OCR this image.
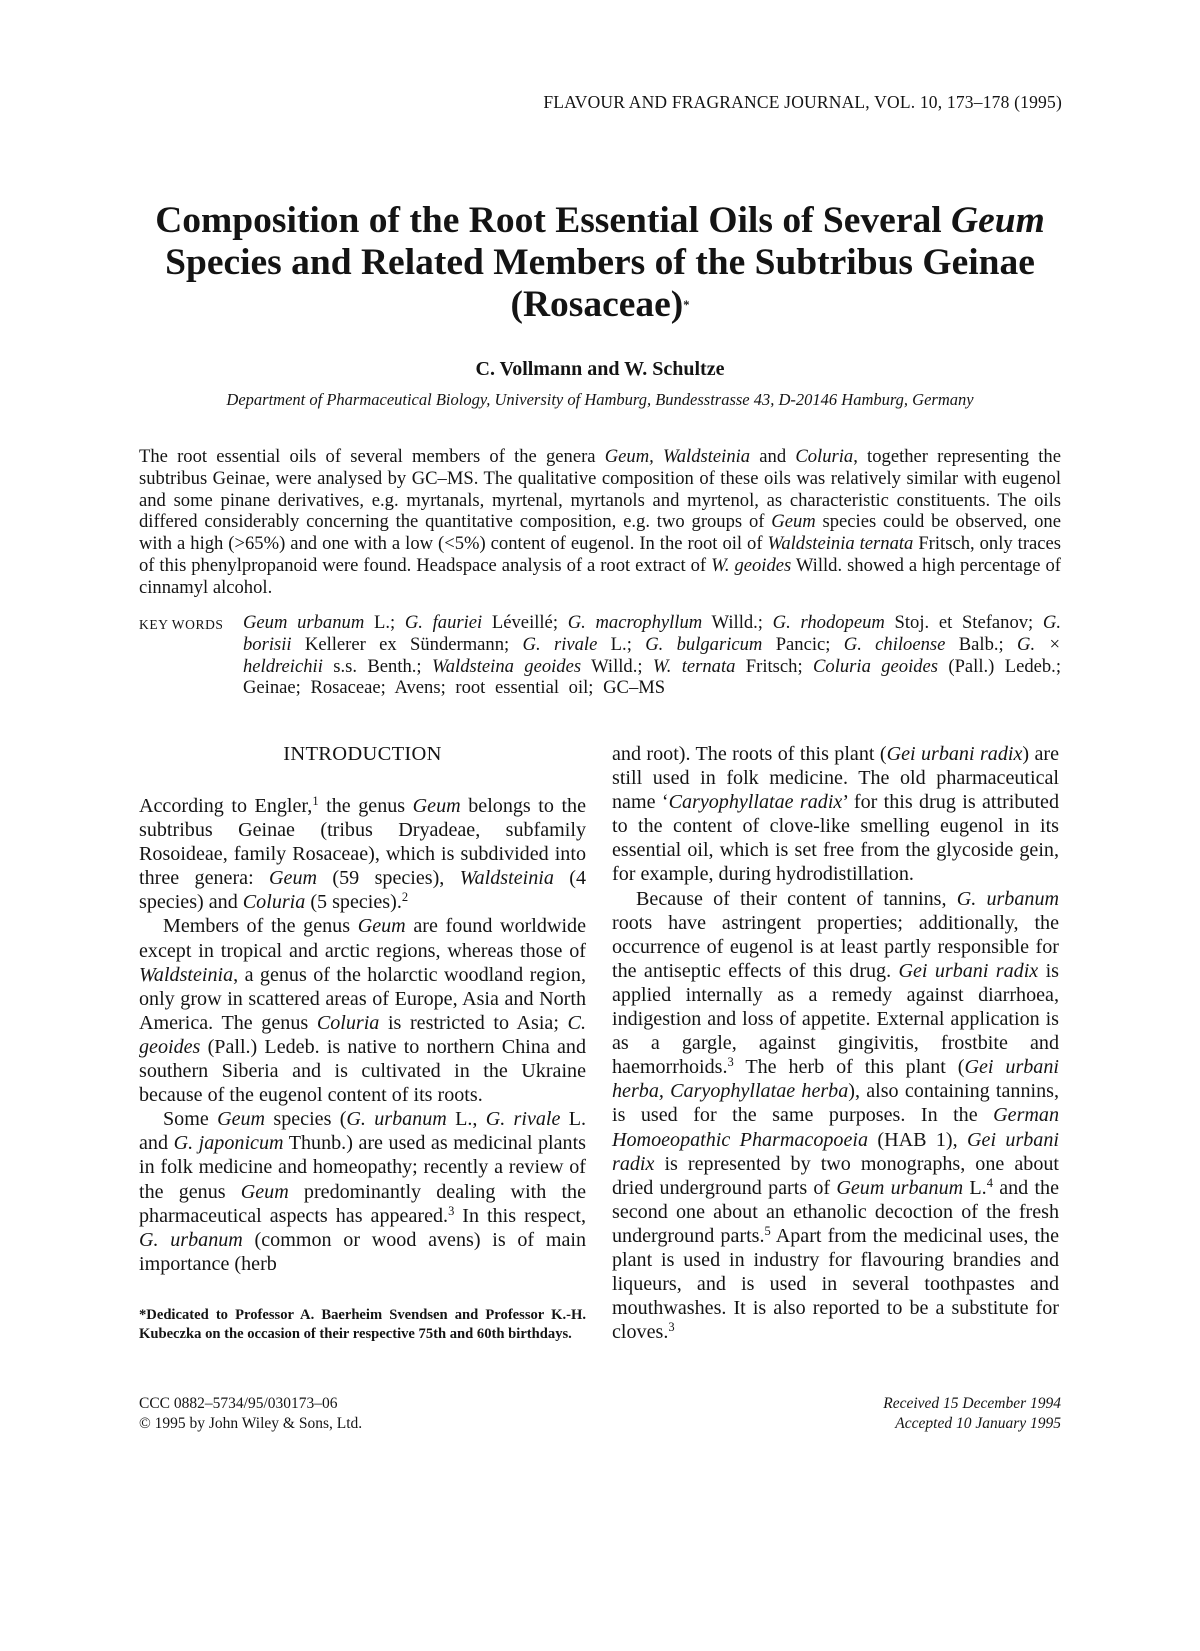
FLAVOUR AND FRAGRANCE JOURNAL, VOL. 10, 173–178 (1995)
Composition of the Root Essential Oils of Several Geum
Species and Related Members of the Subtribus Geinae
(Rosaceae)*
C. Vollmann and W. Schultze
Department of Pharmaceutical Biology, University of Hamburg, Bundesstrasse 43, D-20146 Hamburg, Germany
The root essential oils of several members of the genera Geum, Waldsteinia and Coluria, together representing the subtribus Geinae, were analysed by GC–MS. The qualitative composition of these oils was relatively similar with eugenol and some pinane derivatives, e.g. myrtanals, myrtenal, myrtanols and myrtenol, as characteristic constituents. The oils differed considerably concerning the quantitative composition, e.g. two groups of Geum species could be observed, one with a high (>65%) and one with a low (<5%) content of eugenol. In the root oil of Waldsteinia ternata Fritsch, only traces of this phenylpropanoid were found. Headspace analysis of a root extract of W. geoides Willd. showed a high percentage of cinnamyl alcohol.
KEY WORDS Geum urbanum L.; G. fauriei Léveillé; G. macrophyllum Willd.; G. rhodopeum Stoj. et Stefanov; G. borisii Kellerer ex Sündermann; G. rivale L.; G. bulgaricum Pancic; G. chiloense Balb.; G. × heldreichii s.s. Benth.; Waldsteina geoides Willd.; W. ternata Fritsch; Coluria geoides (Pall.) Ledeb.; Geinae; Rosaceae; Avens; root essential oil; GC–MS
INTRODUCTION

According to Engler,$^1$ the genus Geum belongs to the subtribus Geinae (tribus Dryadeae, subfamily Rosoideae, family Rosaceae), which is subdivided into three genera: Geum (59 species), Waldsteinia (4 species) and Coluria (5 species).$^2$

Members of the genus Geum are found worldwide except in tropical and arctic regions, whereas those of Waldsteinia, a genus of the holarctic woodland region, only grow in scattered areas of Europe, Asia and North America. The genus Coluria is restricted to Asia; C. geoides (Pall.) Ledeb. is native to northern China and southern Siberia and is cultivated in the Ukraine because of the eugenol content of its roots.

Some Geum species (G. urbanum L., G. rivale L. and G. japonicum Thunb.) are used as medicinal plants in folk medicine and homeopathy; recently a review of the genus Geum predominantly dealing with the pharmaceutical aspects has appeared.$^3$ In this respect, G. urbanum (common or wood avens) is of main importance (herb

and root). The roots of this plant (Gei urbani radix) are still used in folk medicine. The old pharmaceutical name ‘Caryophyllatae radix’ for this drug is attributed to the content of clove-like smelling eugenol in its essential oil, which is set free from the glycoside gein, for example, during hydrodistillation.

Because of their content of tannins, G. urbanum roots have astringent properties; additionally, the occurrence of eugenol is at least partly responsible for the antiseptic effects of this drug. Gei urbani radix is applied internally as a remedy against diarrhoea, indigestion and loss of appetite. External application is as a gargle, against gingivitis, frostbite and haemorrhoids.$^3$ The herb of this plant (Gei urbani herba, Caryophyllatae herba), also containing tannins, is used for the same purposes. In the German Homoeopathic Pharmacopoeia (HAB 1), Gei urbani radix is represented by two monographs, one about dried underground parts of Geum urbanum L.$^4$ and the second one about an ethanolic decoction of the fresh underground parts.$^5$ Apart from the medicinal uses, the plant is used in industry for flavouring brandies and liqueurs, and is used in several toothpastes and mouthwashes. It is also reported to be a substitute for cloves.$^3$

*Dedicated to Professor A. Baerheim Svendsen and Professor K.-H. Kubeczka on the occasion of their respective 75th and 60th birthdays.
CCC 0882–5734/95/030173–06
© 1995 by John Wiley & Sons, Ltd.
Received 15 December 1994
Accepted 10 January 1995
